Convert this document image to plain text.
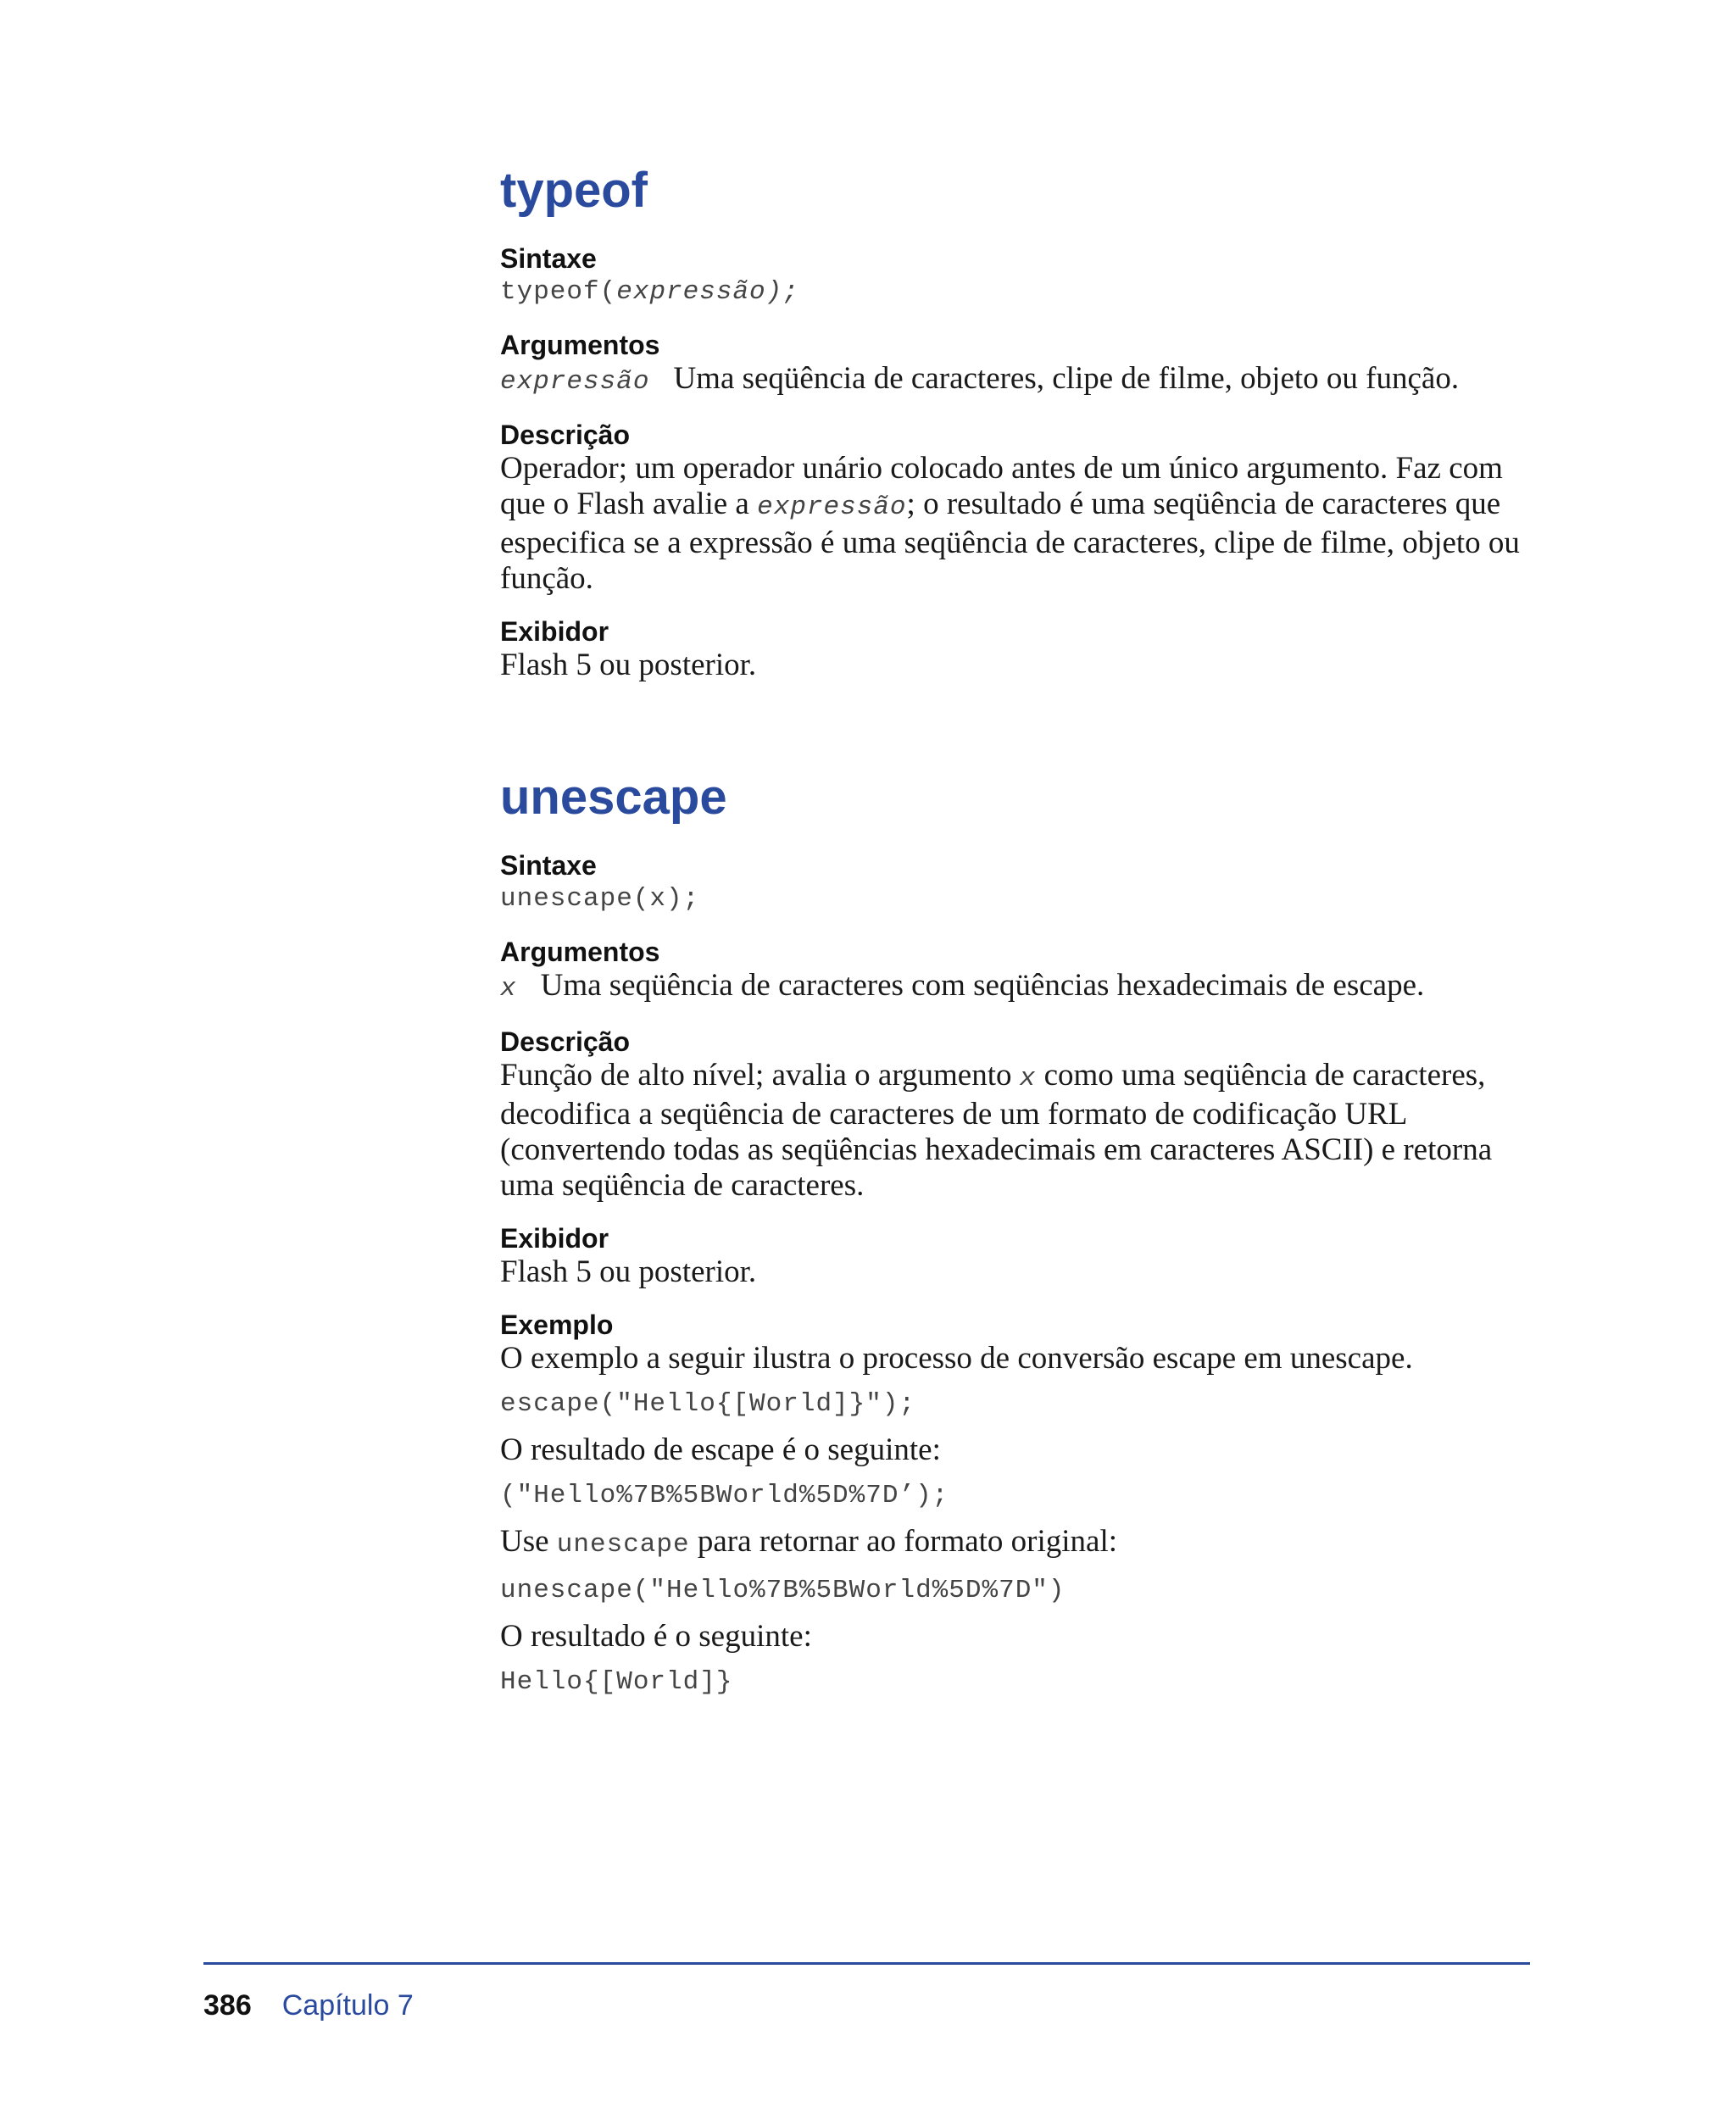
typeof

Sintaxe

typeof(expressão);

Argumentos

expressão Uma seqüência de caracteres, clipe de filme, objeto ou função.

Descrição

Operador; um operador unário colocado antes de um único argumento. Faz com que o Flash avalie a expressão; o resultado é uma seqüência de caracteres que especifica se a expressão é uma seqüência de caracteres, clipe de filme, objeto ou função.

Exibidor

Flash 5 ou posterior.

unescape

Sintaxe

unescape(x);

Argumentos

x Uma seqüência de caracteres com seqüências hexadecimais de escape.

Descrição

Função de alto nível; avalia o argumento x como uma seqüência de caracteres, decodifica a seqüência de caracteres de um formato de codificação URL (convertendo todas as seqüências hexadecimais em caracteres ASCII) e retorna uma seqüência de caracteres.

Exibidor

Flash 5 ou posterior.

Exemplo

O exemplo a seguir ilustra o processo de conversão escape em unescape.

escape("Hello{[World]}");

O resultado de escape é o seguinte:

("Hello%7B%5BWorld%5D%7D’);

Use unescape para retornar ao formato original:

unescape("Hello%7B%5BWorld%5D%7D")

O resultado é o seguinte:

Hello{[World]}

386 Capítulo 7
